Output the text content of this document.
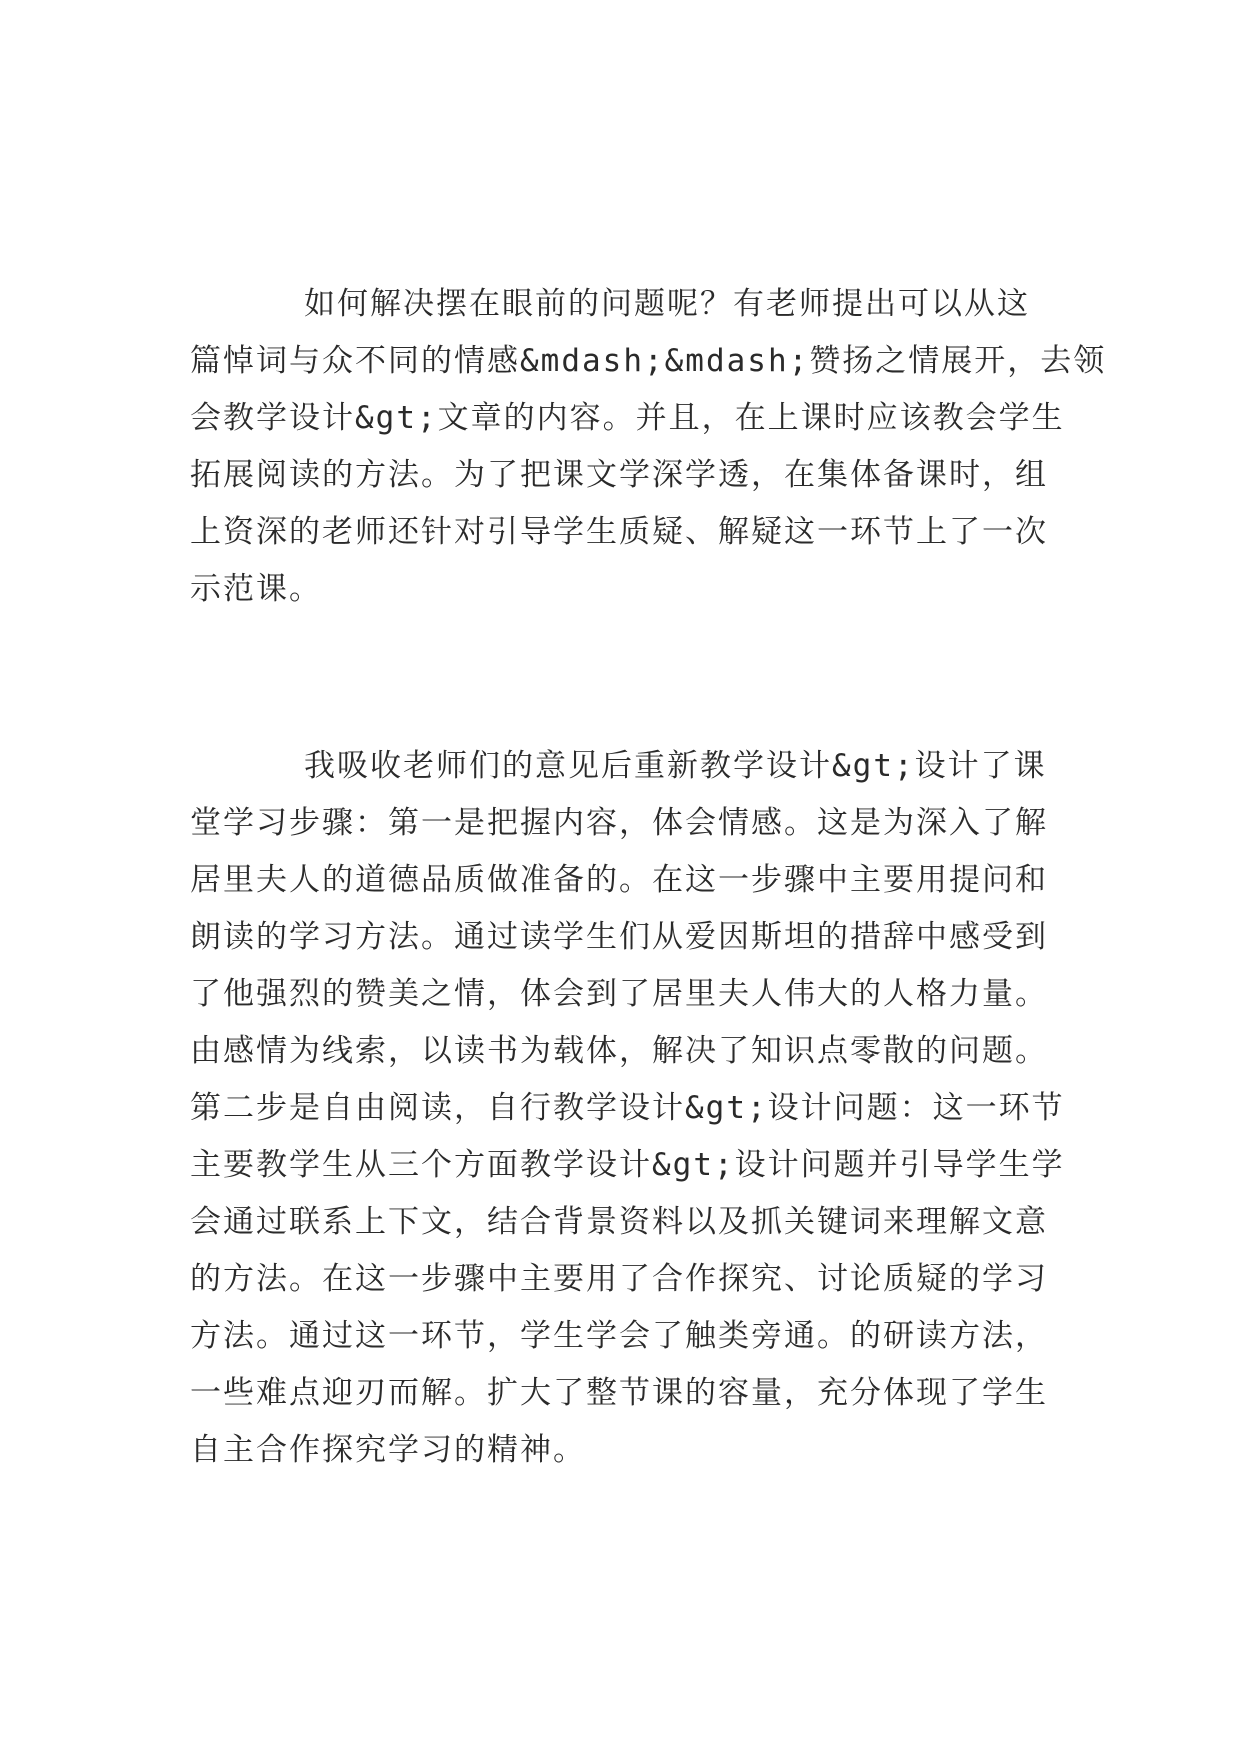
如何解决摆在眼前的问题呢？有老师提出可以从这
篇悼词与众不同的情感&mdash;&mdash;赞扬之情展开，去领
会教学设计&gt;文章的内容。并且，在上课时应该教会学生
拓展阅读的方法。为了把课文学深学透，在集体备课时，组
上资深的老师还针对引导学生质疑、解疑这一环节上了一次
示范课。

我吸收老师们的意见后重新教学设计&gt;设计了课
堂学习步骤：第一是把握内容，体会情感。这是为深入了解
居里夫人的道德品质做准备的。在这一步骤中主要用提问和
朗读的学习方法。通过读学生们从爱因斯坦的措辞中感受到
了他强烈的赞美之情，体会到了居里夫人伟大的人格力量。
由感情为线索，以读书为载体，解决了知识点零散的问题。
第二步是自由阅读，自行教学设计&gt;设计问题：这一环节
主要教学生从三个方面教学设计&gt;设计问题并引导学生学
会通过联系上下文，结合背景资料以及抓关键词来理解文意
的方法。在这一步骤中主要用了合作探究、讨论质疑的学习
方法。通过这一环节，学生学会了触类旁通。的研读方法，
一些难点迎刃而解。扩大了整节课的容量，充分体现了学生
自主合作探究学习的精神。
